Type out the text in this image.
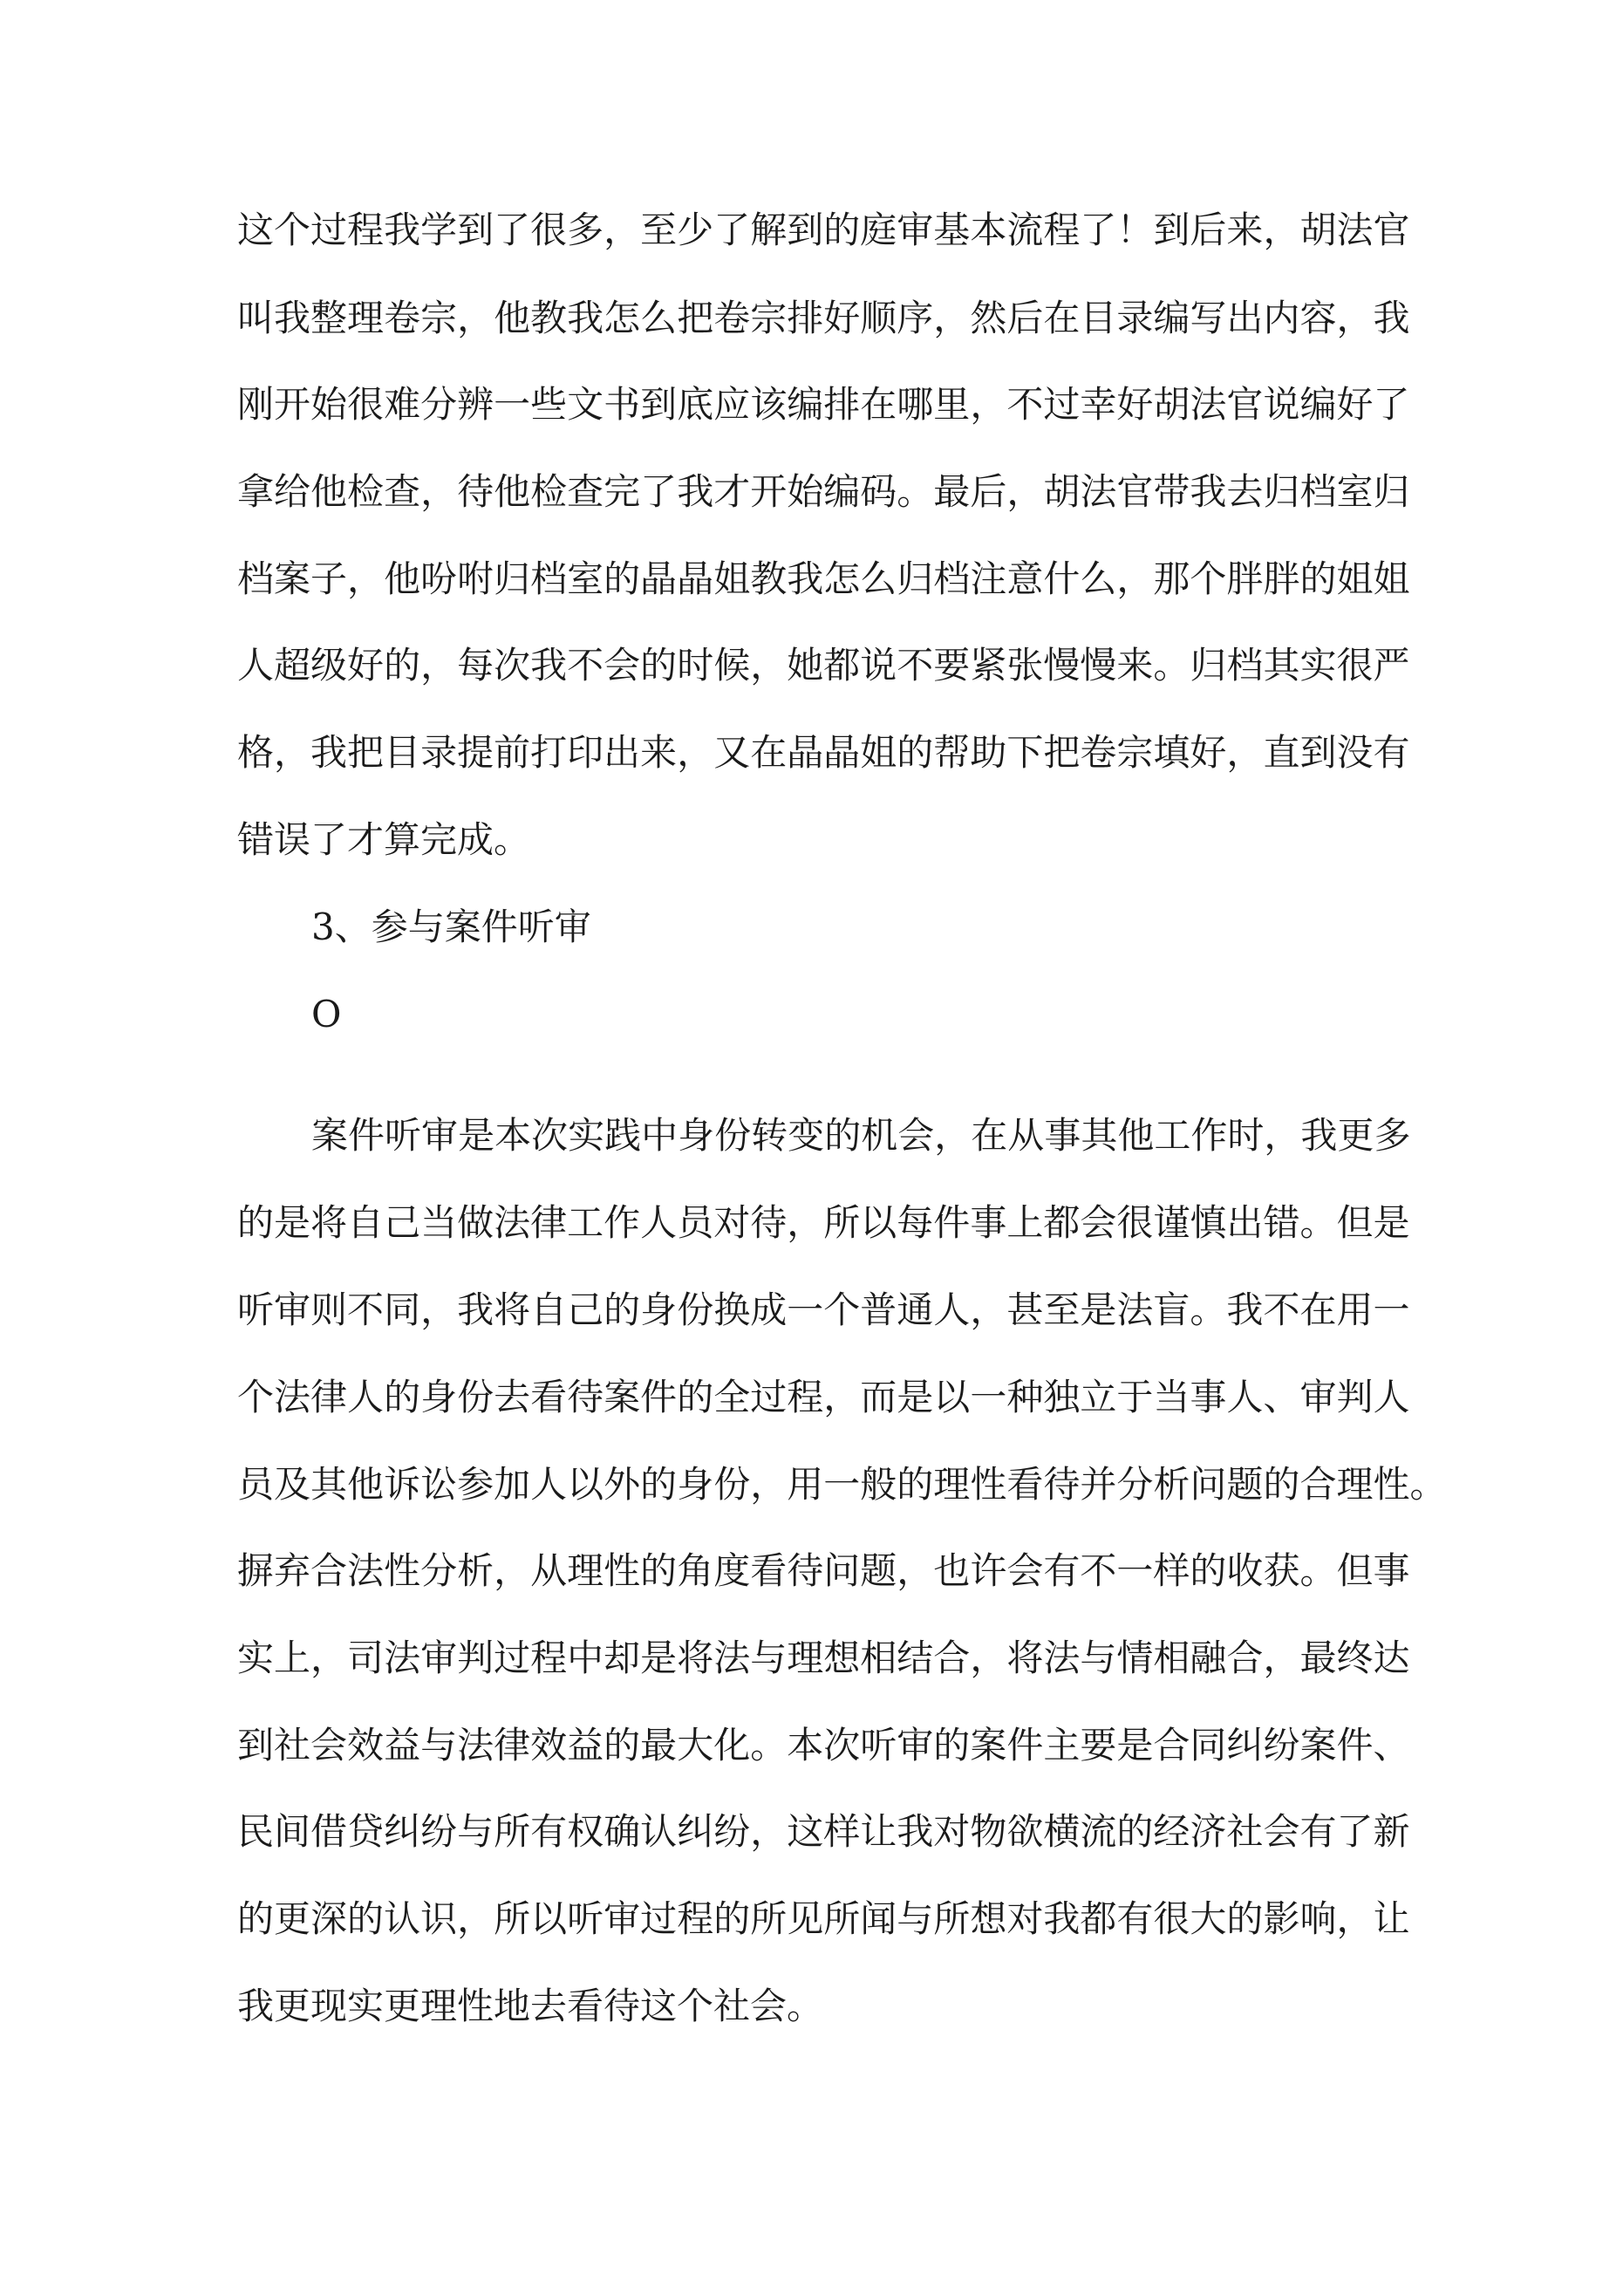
这 个 过 程 我 学 到 了 很 多 ， 至 少 了 解 到 的 庭 审 基 本 流 程 了 ！ 到 后 来 ， 胡 法 官
叫 我 整 理 卷 宗 ， 他 教 我 怎 么 把 卷 宗 排 好 顺 序 ， 然 后 在 目 录 编 写 出 内 容 ， 我
刚 开 始 很 难 分 辨 一 些 文 书 到 底 应 该 编 排 在 哪 里 ， 不 过 幸 好 胡 法 官 说 编 好 了
拿 给 他 检 查 ， 待 他 检 查 完 了 我 才 开 始 编 码 。 最 后 ， 胡 法 官 带 我 去 归 档 室 归
档 案 子 ， 他 吩 咐 归 档 室 的 晶 晶 姐 教 我 怎 么 归 档 注 意 什 么 ， 那 个 胖 胖 的 姐 姐
人 超 级 好 的 ， 每 次 我 不 会 的 时 候 ， 她 都 说 不 要 紧 张 慢 慢 来 。 归 档 其 实 很 严
格 ， 我 把 目 录 提 前 打 印 出 来 ， 又 在 晶 晶 姐 的 帮 助 下 把 卷 宗 填 好 ， 直 到 没 有
错误了才算完成。
3、参与案件听审
O
案 件 听 审 是 本 次 实 践 中 身 份 转 变 的 机 会 ， 在 从 事 其 他 工 作 时 ， 我 更 多
的 是 将 自 己 当 做 法 律 工 作 人 员 对 待 ， 所 以 每 件 事 上 都 会 很 谨 慎 出 错 。 但 是
听 审 则 不 同 ， 我 将 自 己 的 身 份 换 成 一 个 普 通 人 ， 甚 至 是 法 盲 。 我 不 在 用 一
个 法 律 人 的 身 份 去 看 待 案 件 的 全 过 程 ， 而 是 以 一 种 独 立 于 当 事 人 、 审 判 人
员 及 其 他 诉 讼 参 加 人 以 外 的 身 份 ， 用 一 般 的 理 性 看 待 并 分 析 问 题 的 合 理 性 。
摒 弃 合 法 性 分 析 ， 从 理 性 的 角 度 看 待 问 题 ， 也 许 会 有 不 一 样 的 收 获 。 但 事
实 上 ， 司 法 审 判 过 程 中 却 是 将 法 与 理 想 相 结 合 ， 将 法 与 情 相 融 合 ， 最 终 达
到 社 会 效 益 与 法 律 效 益 的 最 大 化 。 本 次 听 审 的 案 件 主 要 是 合 同 纠 纷 案 件 、
民 间 借 贷 纠 纷 与 所 有 权 确 认 纠 纷 ， 这 样 让 我 对 物 欲 横 流 的 经 济 社 会 有 了 新
的 更 深 的 认 识 ， 所 以 听 审 过 程 的 所 见 所 闻 与 所 想 对 我 都 有 很 大 的 影 响 ， 让
我更现实更理性地去看待这个社会。
